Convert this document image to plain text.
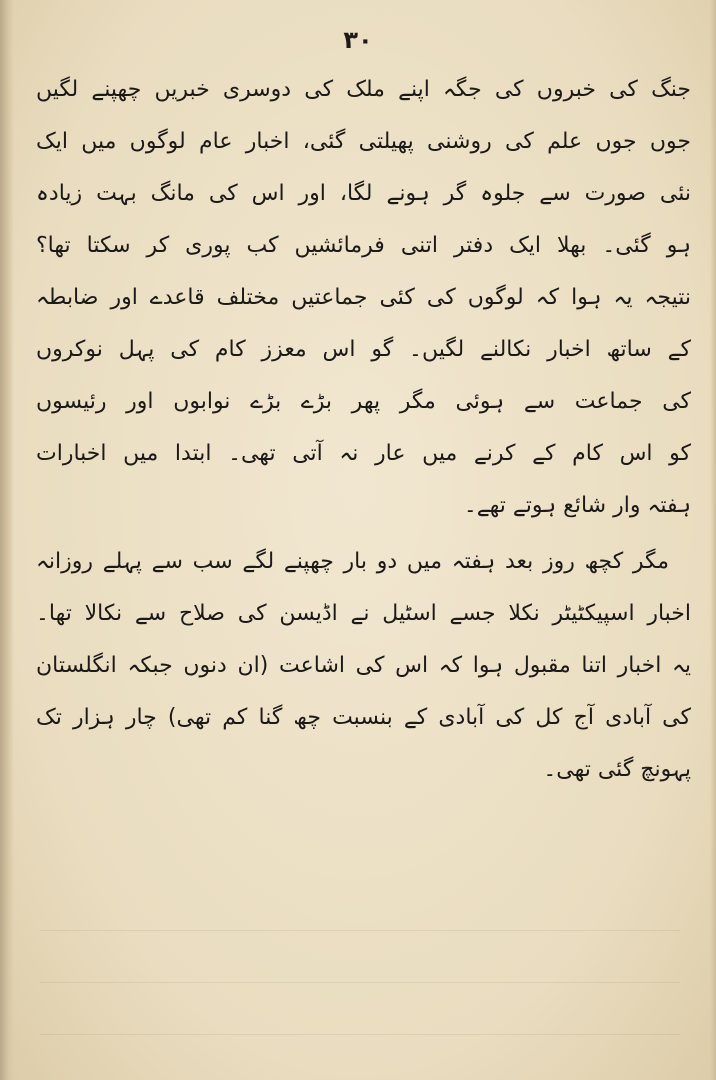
۳۰
جنگ کی خبروں کی جگہ اپنے ملک کی دوسری خبریں چھپنے لگیں
جوں جوں علم کی روشنی پھیلتی گئی، اخبار عام لوگوں میں ایک
نئی صورت سے جلوہ گر ہونے لگا، اور اس کی مانگ بہت زیادہ
ہو گئی۔ بھلا ایک دفتر اتنی فرمائشیں کب پوری کر سکتا تھا؟
نتیجہ یہ ہوا کہ لوگوں کی کئی جماعتیں مختلف قاعدے اور ضابطہ
کے ساتھ اخبار نکالنے لگیں۔ گو اس معزز کام کی پہل نوکروں
کی جماعت سے ہوئی مگر پھر بڑے بڑے نوابوں اور رئیسوں
کو اس کام کے کرنے میں عار نہ آتی تھی۔ ابتدا میں اخبارات
ہفتہ وار شائع ہوتے تھے۔
مگر کچھ روز بعد ہفتہ میں دو بار چھپنے لگے سب سے پہلے روزانہ
اخبار اسپیکٹیٹر نکلا جسے اسٹیل نے اڈیسن کی صلاح سے نکالا تھا۔
یہ اخبار اتنا مقبول ہوا کہ اس کی اشاعت (ان دنوں جبکہ انگلستان
کی آبادی آج کل کی آبادی کے بنسبت چھ گنا کم تھی) چار ہزار تک
پہونچ گئی تھی۔
